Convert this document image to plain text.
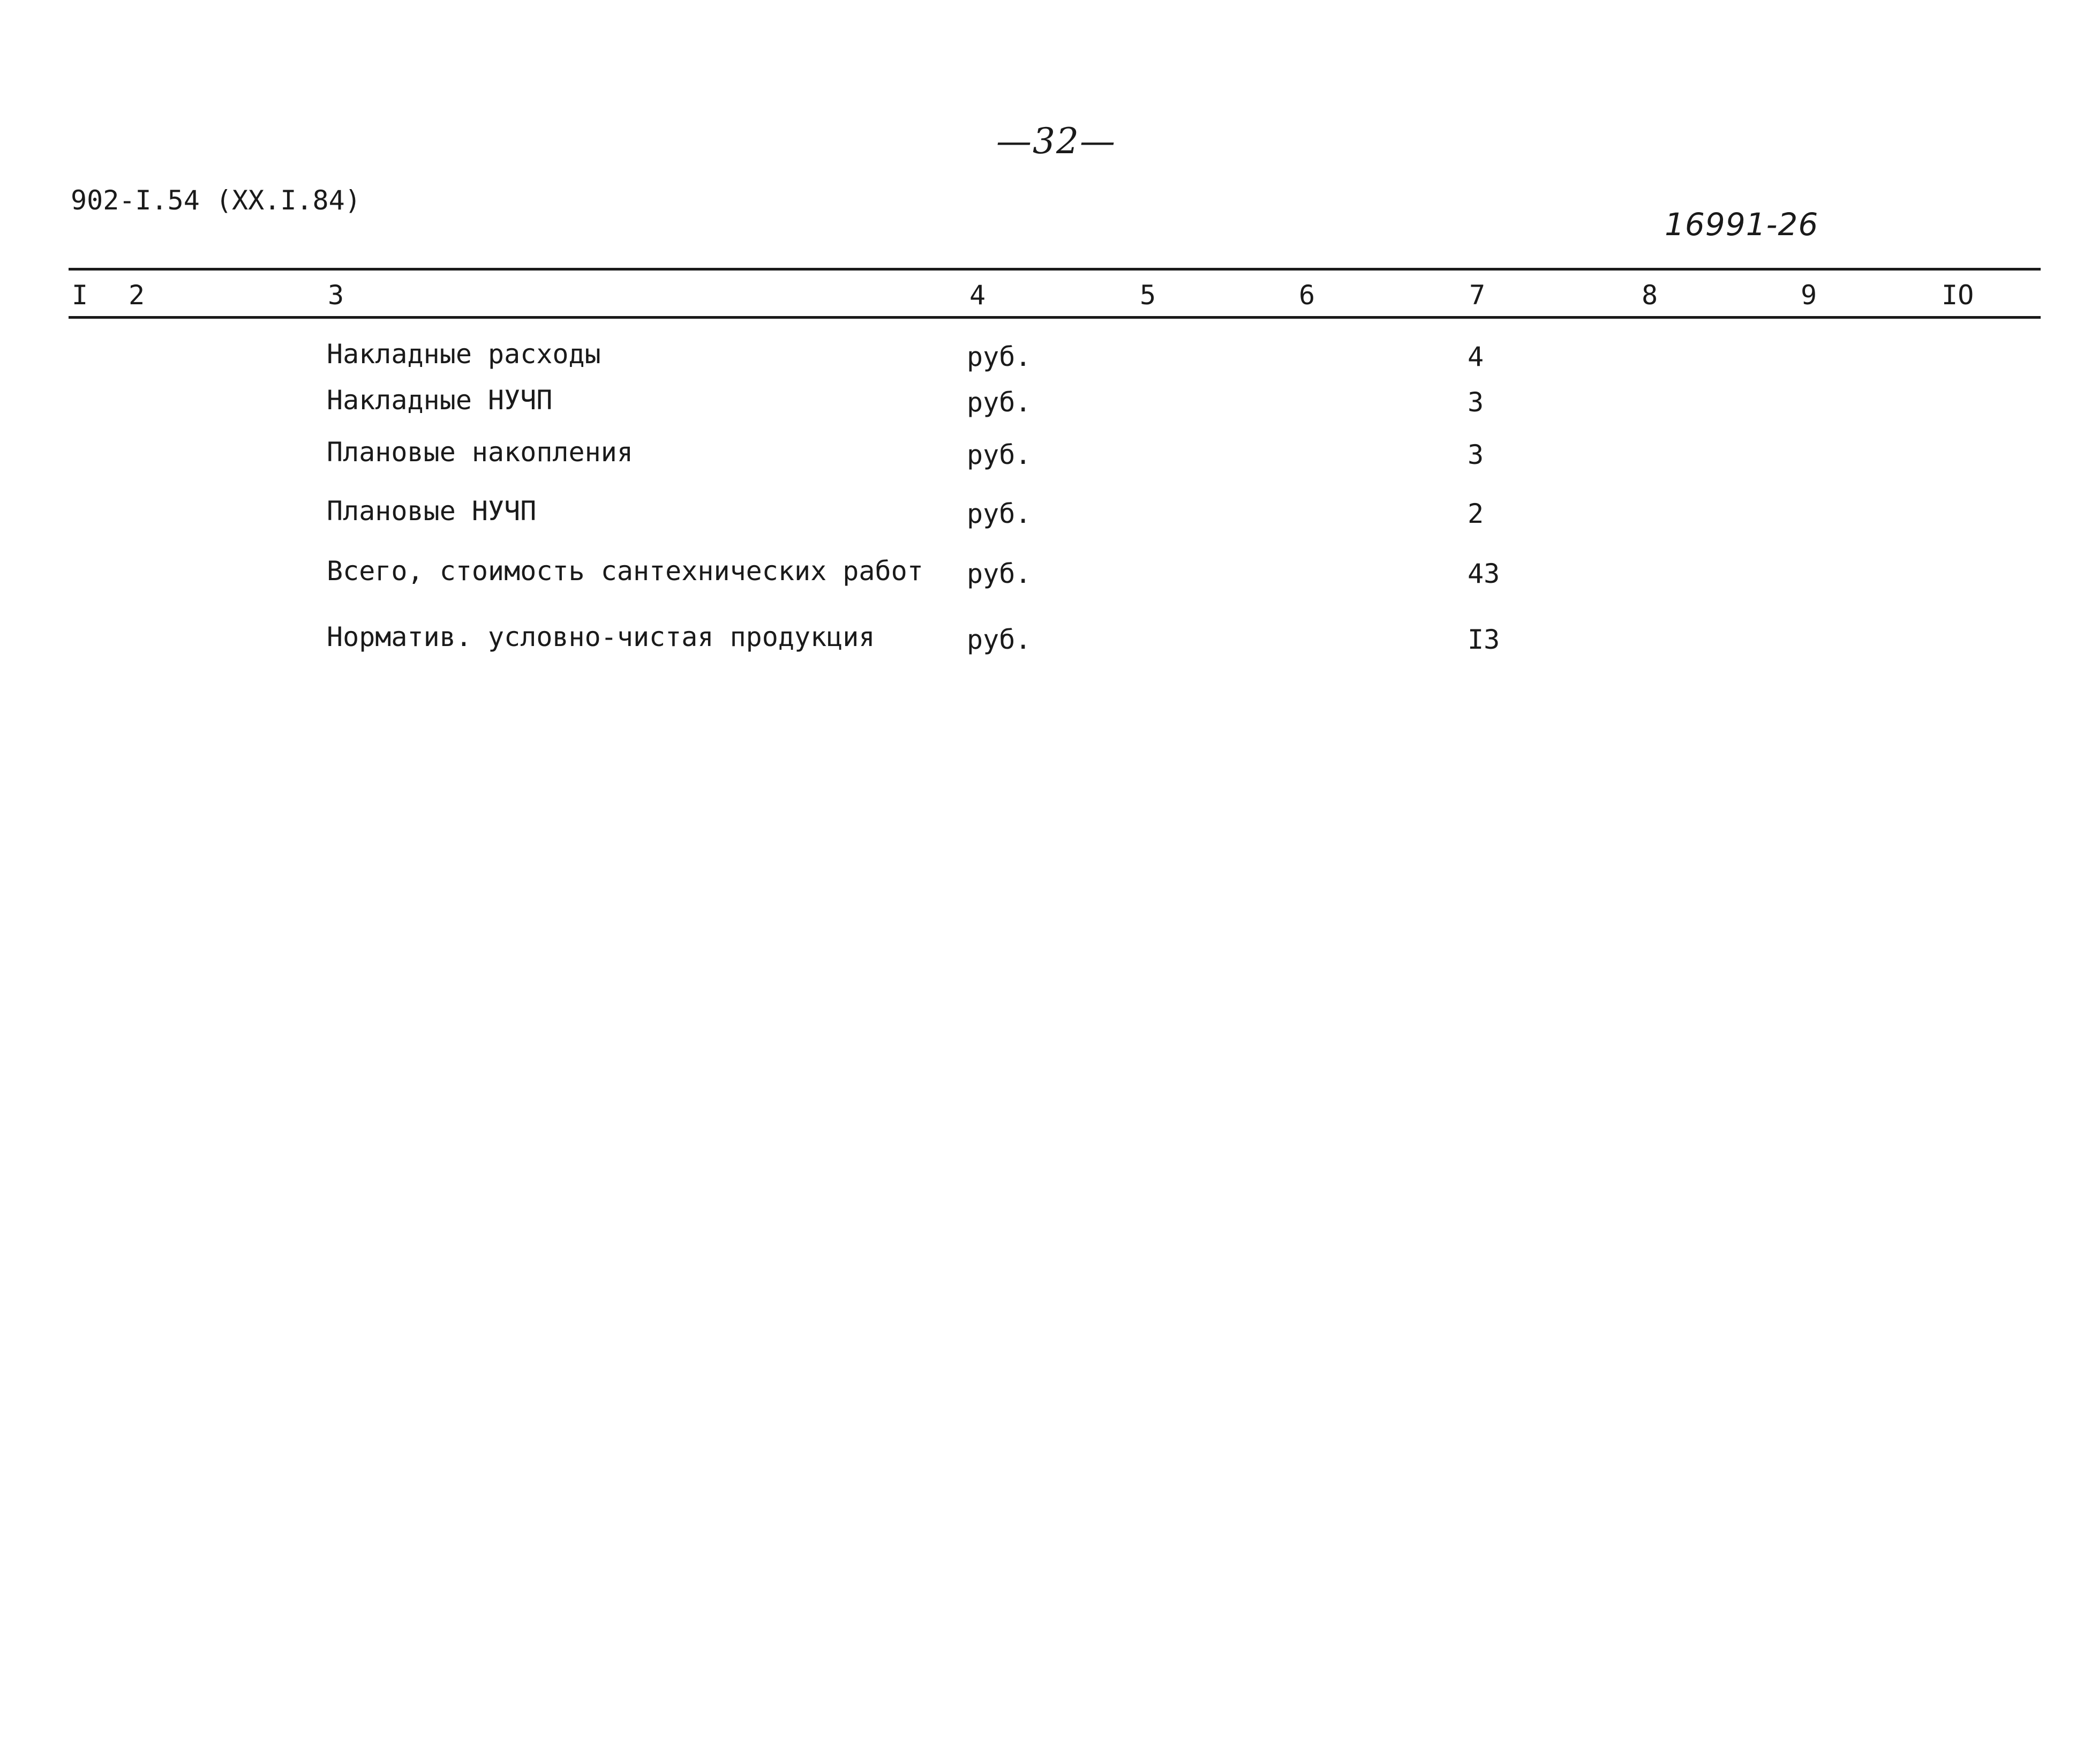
—32—
902-I.54 (XX.I.84)
16991-26
I 2	3	4	5	6	7	8	9	IO
Накладные расходы	руб.	4
Накладные НУЧП	руб.	3
Плановые накопления	руб.	3
Плановые НУЧП	руб.	2
Всего, стоимость сантехнических работ руб.	43
Норматив. условно-чистая продукция	руб.	I3
